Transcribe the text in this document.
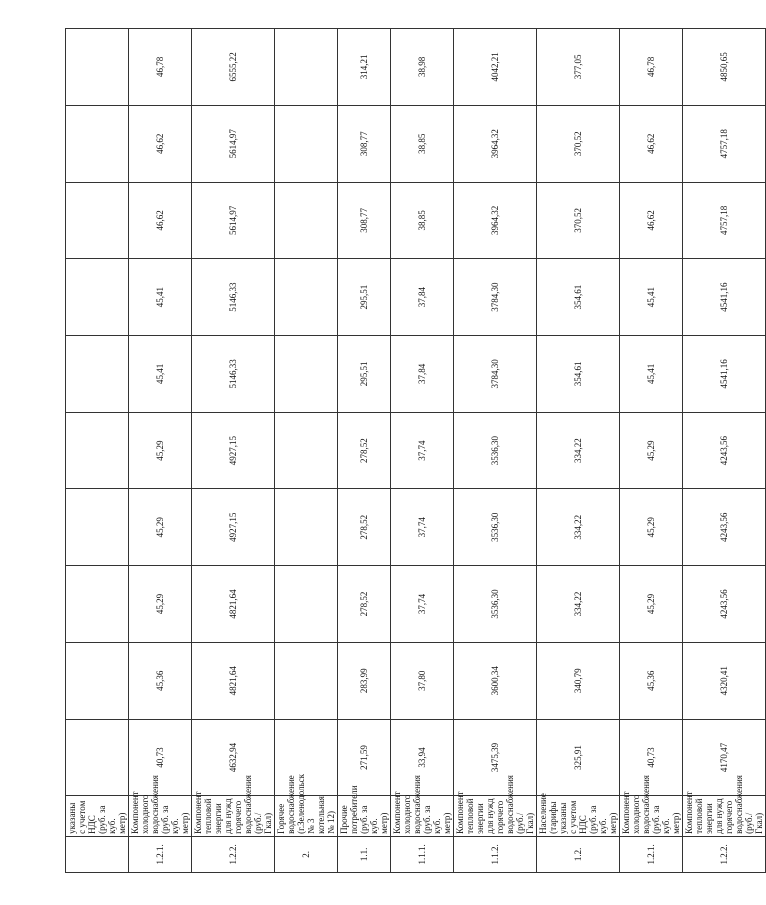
	указаны с учетом НДС (руб. за куб. метр)										
1.2.1.	Компонент холодного водоснабжения (руб. за куб. метр)	40,73	45,36	45,29	45,29	45,29	45,41	45,41	46,62	46,62	46,78
1.2.2.	Компонент тепловой энергии для нужд горячего водоснабжения (руб./Гкал)	4632,94	4821,64	4821,64	4927,15	4927,15	5146,33	5146,33	5614,97	5614,97	6555,22
2.	Горячее водоснабжение (г.Зеленодольск № 3 котельная № 12)										
1.1.	Прочие потребители (руб. за куб. метр)	271,59	283,99	278,52	278,52	278,52	295,51	295,51	308,77	308,77	314,21
1.1.1.	Компонент холодного водоснабжения (руб. за куб. метр)	33,94	37,80	37,74	37,74	37,74	37,84	37,84	38,85	38,85	38,98
1.1.2.	Компонент тепловой энергии для нужд горячего водоснабжения (руб./Гкал)	3475,39	3600,34	3536,30	3536,30	3536,30	3784,30	3784,30	3964,32	3964,32	4042,21
1.2.	Население (тарифы указаны с учетом НДС (руб. за куб. метр)	325,91	340,79	334,22	334,22	334,22	354,61	354,61	370,52	370,52	377,05
1.2.1.	Компонент холодного водоснабжения (руб. за куб. метр)	40,73	45,36	45,29	45,29	45,29	45,41	45,41	46,62	46,62	46,78
1.2.2.	Компонент тепловой энергии для нужд горячего водоснабжения (руб./Гкал)	4170,47	4320,41	4243,56	4243,56	4243,56	4541,16	4541,16	4757,18	4757,18	4850,65
